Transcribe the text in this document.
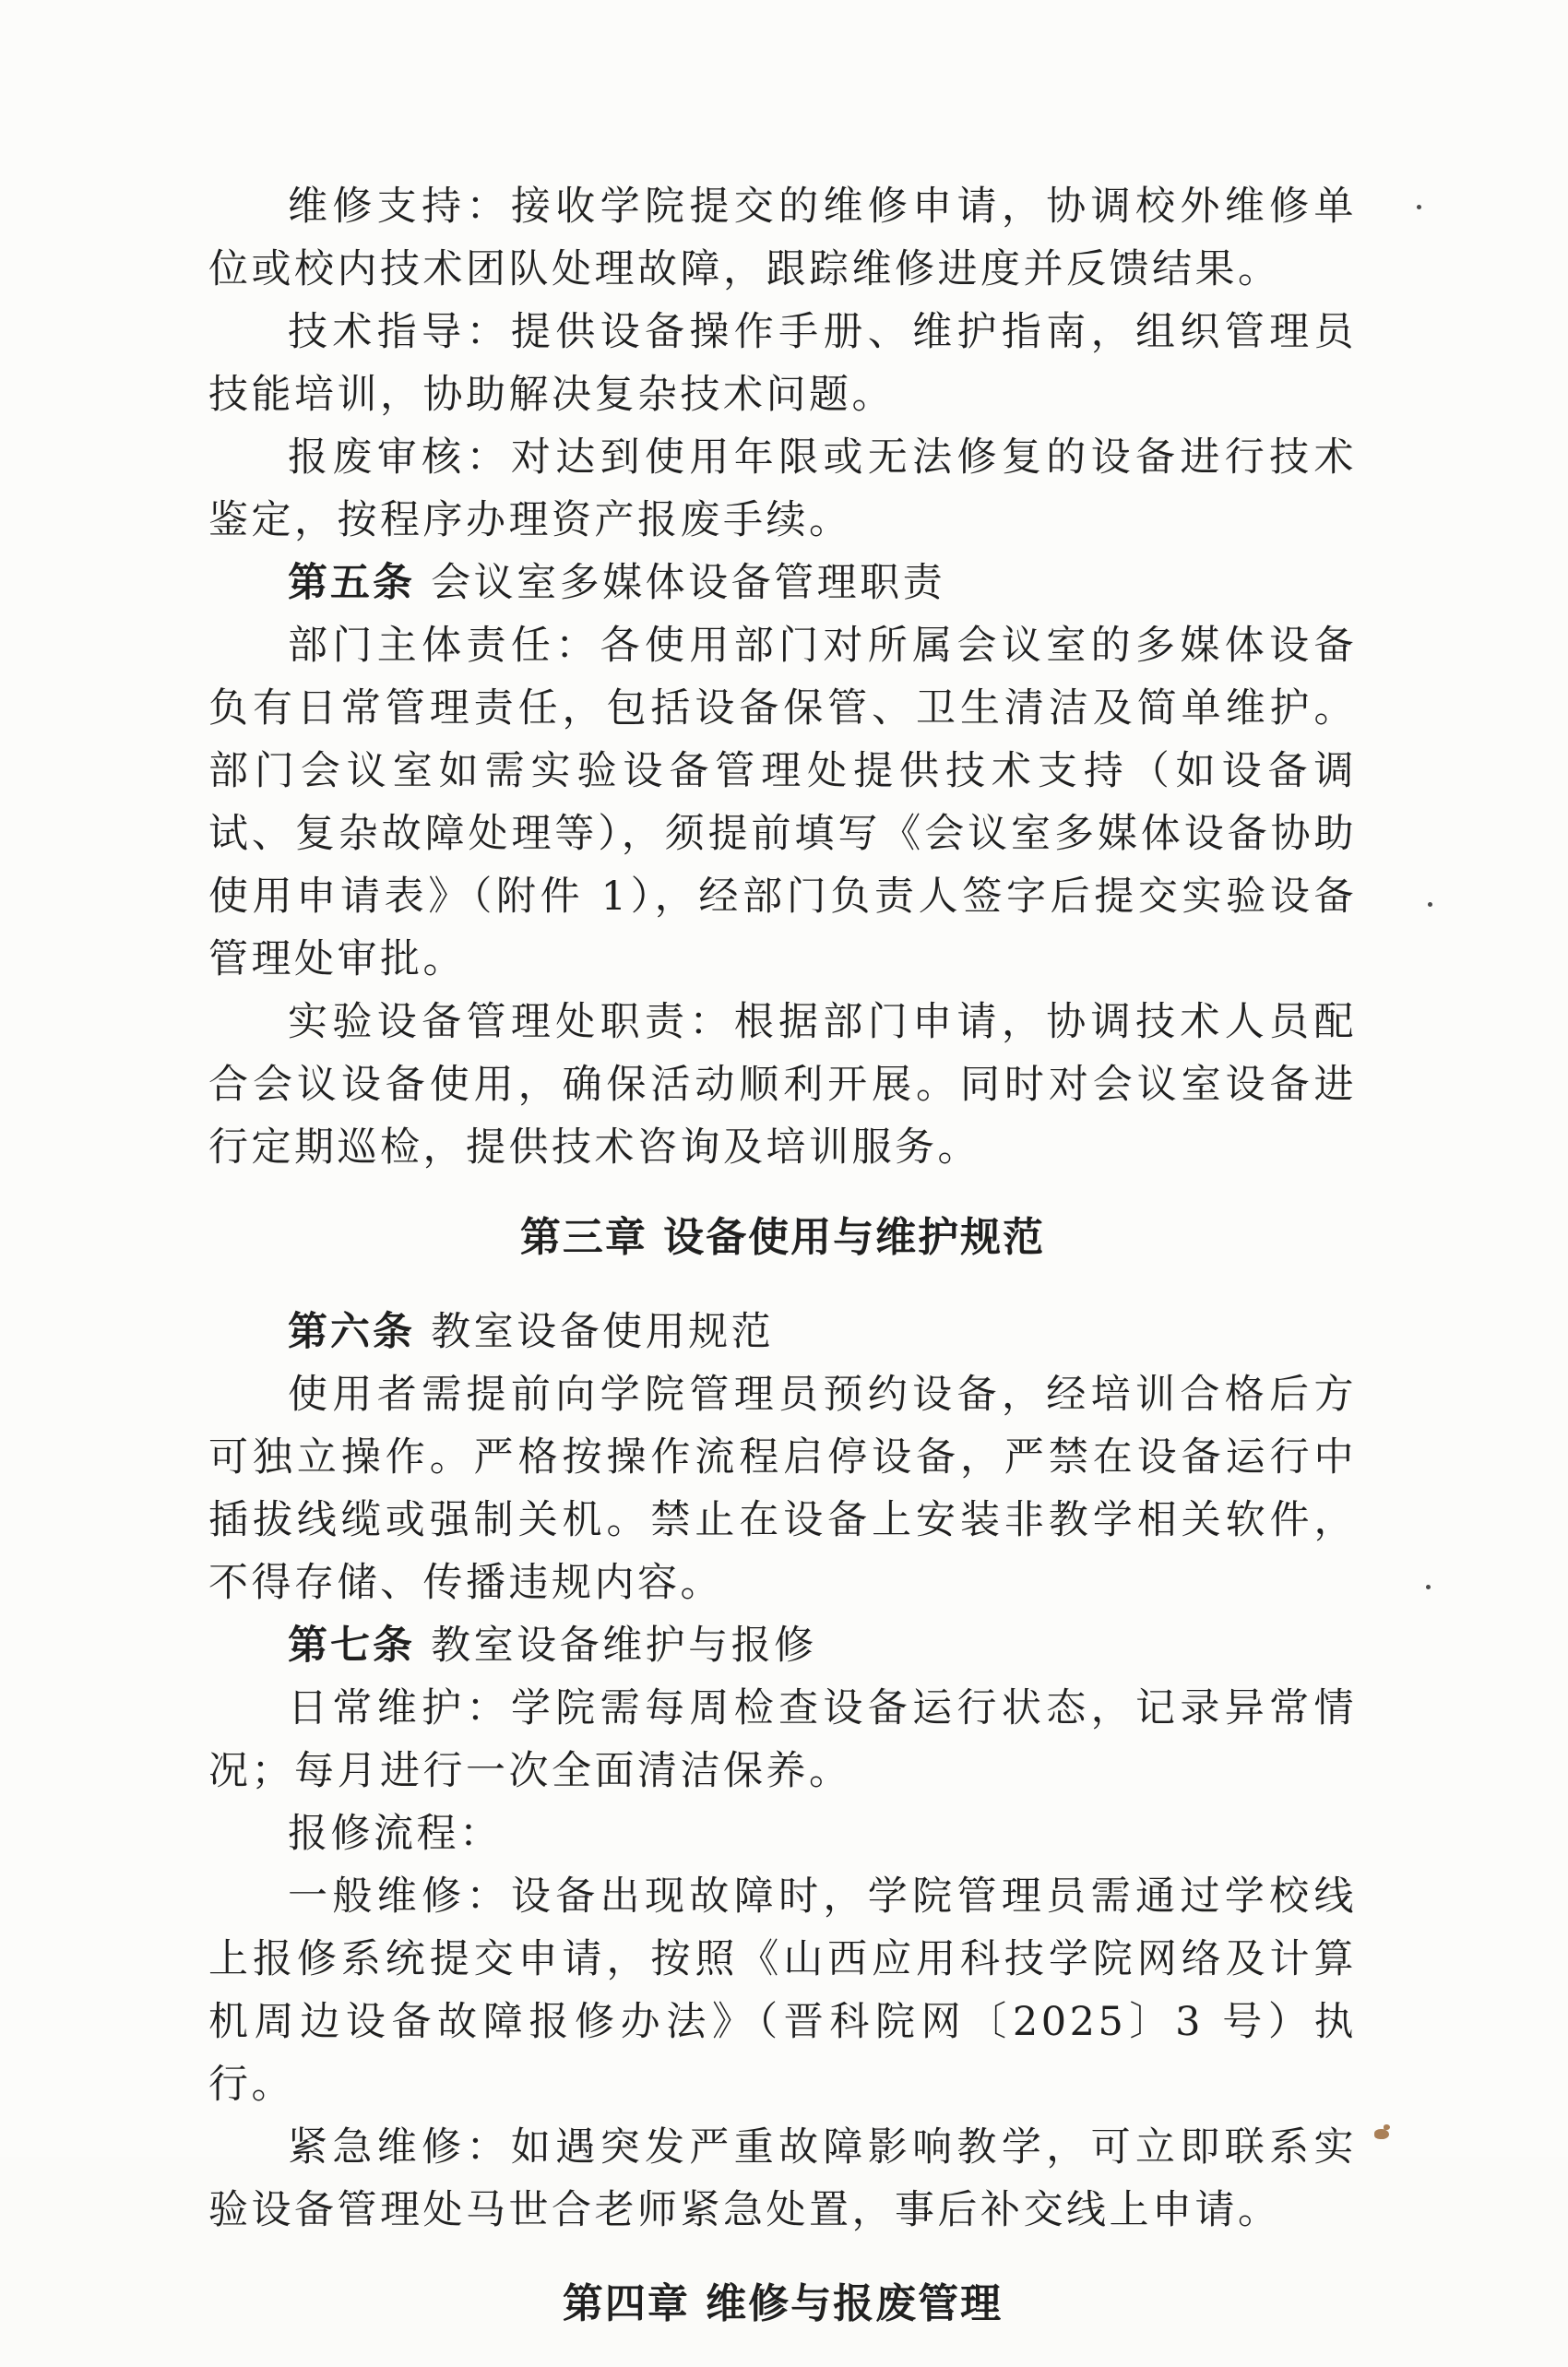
维修支持：接收学院提交的维修申请，协调校外维修单位或校内技术团队处理故障，跟踪维修进度并反馈结果。

技术指导：提供设备操作手册、维护指南，组织管理员技能培训，协助解决复杂技术问题。

报废审核：对达到使用年限或无法修复的设备进行技术鉴定，按程序办理资产报废手续。

第五条 会议室多媒体设备管理职责

部门主体责任：各使用部门对所属会议室的多媒体设备负有日常管理责任，包括设备保管、卫生清洁及简单维护。部门会议室如需实验设备管理处提供技术支持（如设备调试、复杂故障处理等），须提前填写《会议室多媒体设备协助使用申请表》（附件 1），经部门负责人签字后提交实验设备管理处审批。

实验设备管理处职责：根据部门申请，协调技术人员配合会议设备使用，确保活动顺利开展。同时对会议室设备进行定期巡检，提供技术咨询及培训服务。

第三章 设备使用与维护规范

第六条 教室设备使用规范

使用者需提前向学院管理员预约设备，经培训合格后方可独立操作。严格按操作流程启停设备，严禁在设备运行中插拔线缆或强制关机。禁止在设备上安装非教学相关软件，不得存储、传播违规内容。

第七条 教室设备维护与报修

日常维护：学院需每周检查设备运行状态，记录异常情况；每月进行一次全面清洁保养。

报修流程：

一般维修：设备出现故障时，学院管理员需通过学校线上报修系统提交申请，按照《山西应用科技学院网络及计算机周边设备故障报修办法》（晋科院网〔2025〕3 号）执行。

紧急维修：如遇突发严重故障影响教学，可立即联系实验设备管理处马世合老师紧急处置，事后补交线上申请。

第四章 维修与报废管理
